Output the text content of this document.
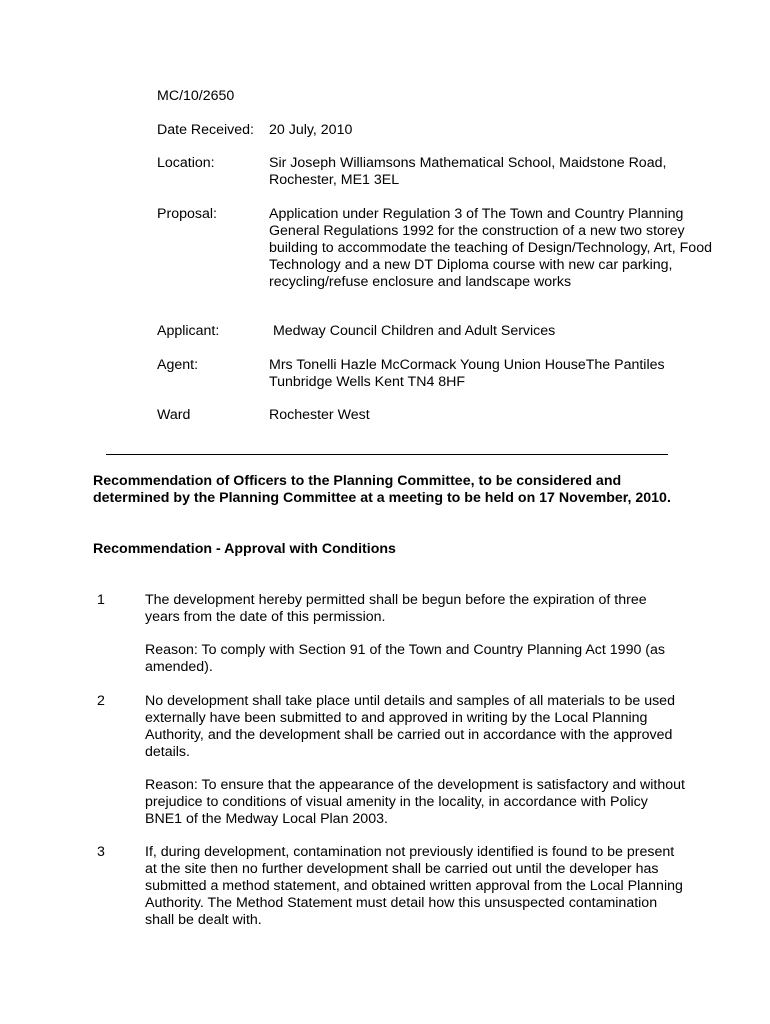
MC/10/2650
Date Received: 20 July, 2010
Location:	Sir Joseph Williamsons Mathematical School, Maidstone Road, Rochester, ME1 3EL
Proposal:	Application under Regulation 3 of The Town and Country Planning General Regulations 1992 for the construction of a new two storey building to accommodate the teaching of Design/Technology, Art, Food Technology and a new DT Diploma course with new car parking, recycling/refuse enclosure and landscape works
Applicant:	Medway Council Children and Adult Services
Agent:	Mrs Tonelli Hazle McCormack Young Union HouseThe Pantiles Tunbridge Wells Kent TN4 8HF
Ward	Rochester West
Recommendation of Officers to the Planning Committee, to be considered and determined by the Planning Committee at a meeting to be held on 17 November, 2010.
Recommendation - Approval with Conditions
1	The development hereby permitted shall be begun before the expiration of three years from the date of this permission.
Reason: To comply with Section 91 of the Town and Country Planning Act 1990 (as amended).
2	No development shall take place until details and samples of all materials to be used externally have been submitted to and approved in writing by the Local Planning Authority, and the development shall be carried out in accordance with the approved details.
Reason: To ensure that the appearance of the development is satisfactory and without prejudice to conditions of visual amenity in the locality, in accordance with Policy BNE1 of the Medway Local Plan 2003.
3	If, during development, contamination not previously identified is found to be present at the site then no further development shall be carried out until the developer has submitted a method statement, and obtained written approval from the Local Planning Authority. The Method Statement must detail how this unsuspected contamination shall be dealt with.
